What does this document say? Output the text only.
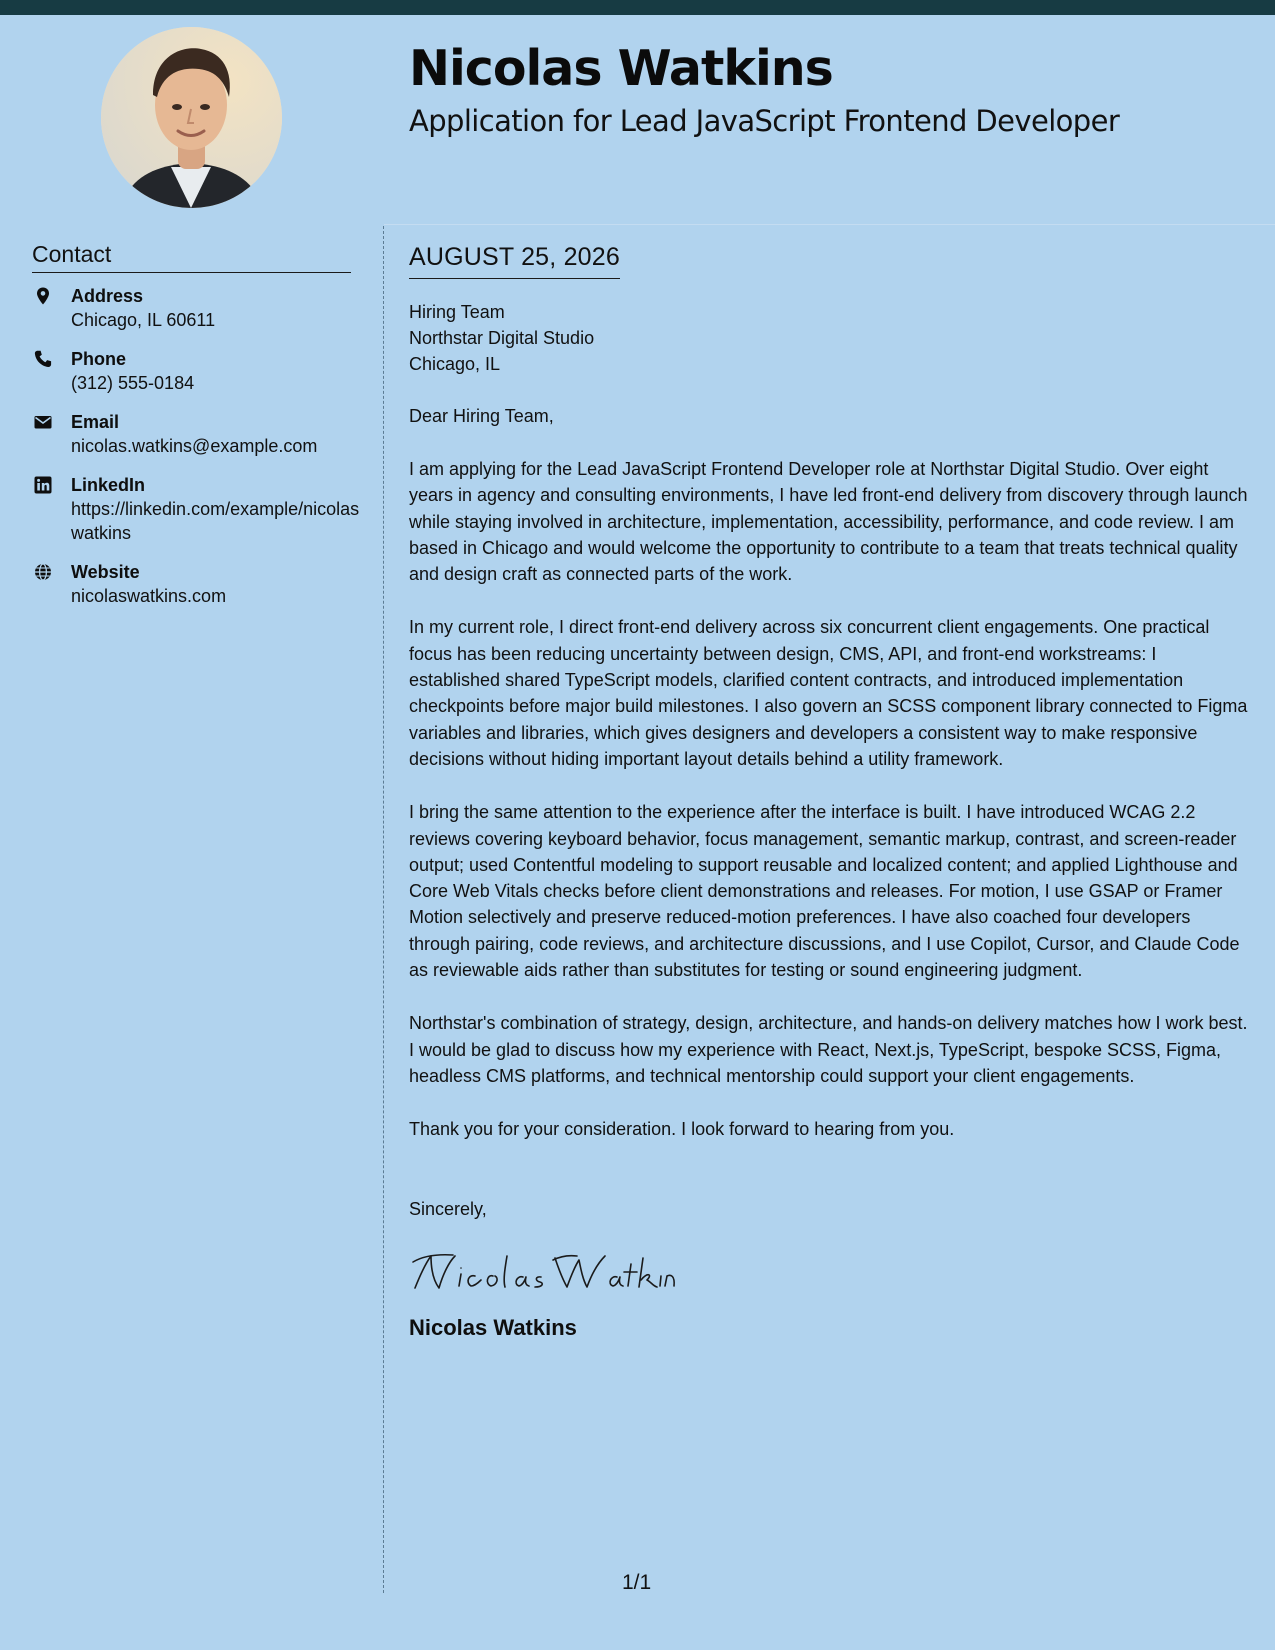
Nicolas Watkins
Application for Lead JavaScript Frontend Developer
Contact
Address
Chicago, IL 60611
Phone
(312) 555-0184
Email
nicolas.watkins@example.com
LinkedIn
https://linkedin.com/example/nicolaswatkins
Website
nicolaswatkins.com
AUGUST 25, 2026
Hiring Team
Northstar Digital Studio
Chicago, IL

Dear Hiring Team,

I am applying for the Lead JavaScript Frontend Developer role at Northstar Digital Studio. Over eight years in agency and consulting environments, I have led front-end delivery from discovery through launch while staying involved in architecture, implementation, accessibility, performance, and code review. I am based in Chicago and would welcome the opportunity to contribute to a team that treats technical quality and design craft as connected parts of the work.

In my current role, I direct front-end delivery across six concurrent client engagements. One practical focus has been reducing uncertainty between design, CMS, API, and front-end workstreams: I established shared TypeScript models, clarified content contracts, and introduced implementation checkpoints before major build milestones. I also govern an SCSS component library connected to Figma variables and libraries, which gives designers and developers a consistent way to make responsive decisions without hiding important layout details behind a utility framework.

I bring the same attention to the experience after the interface is built. I have introduced WCAG 2.2 reviews covering keyboard behavior, focus management, semantic markup, contrast, and screen-reader output; used Contentful modeling to support reusable and localized content; and applied Lighthouse and Core Web Vitals checks before client demonstrations and releases. For motion, I use GSAP or Framer Motion selectively and preserve reduced-motion preferences. I have also coached four developers through pairing, code reviews, and architecture discussions, and I use Copilot, Cursor, and Claude Code as reviewable aids rather than substitutes for testing or sound engineering judgment.

Northstar's combination of strategy, design, architecture, and hands-on delivery matches how I work best. I would be glad to discuss how my experience with React, Next.js, TypeScript, bespoke SCSS, Figma, headless CMS platforms, and technical mentorship could support your client engagements.

Thank you for your consideration. I look forward to hearing from you.

Sincerely,

Nicolas Watkins
1/1
